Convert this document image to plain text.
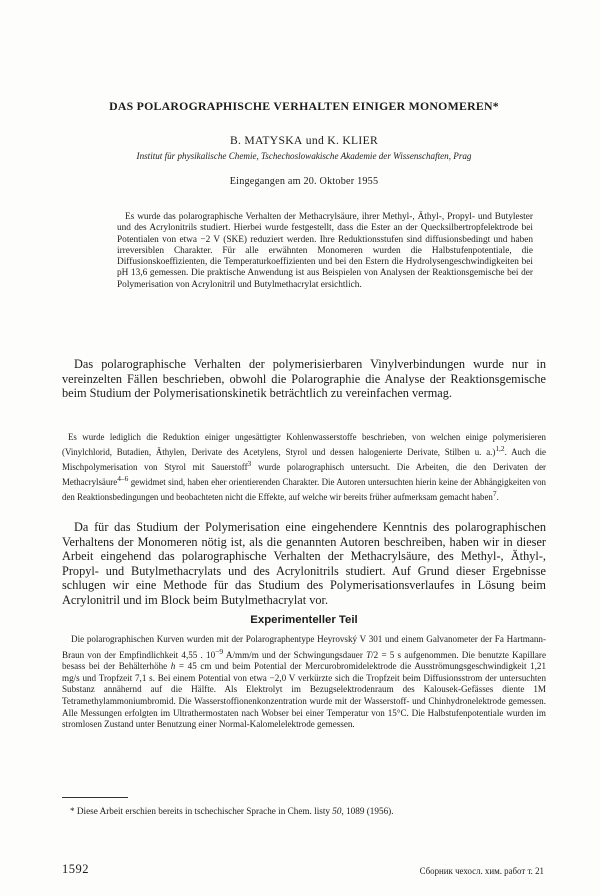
DAS POLAROGRAPHISCHE VERHALTEN EINIGER MONOMEREN*

B. MATYSKA und K. KLIER

Institut für physikalische Chemie, Tschechoslowakische Akademie der Wissenschaften, Prag

Eingegangen am 20. Oktober 1955

Es wurde das polarographische Verhalten der Methacrylsäure, ihrer Methyl-, Äthyl-, Propyl- und Butylester und des Acrylonitrils studiert. Hierbei wurde festgestellt, dass die Ester an der Quecksilbertropfelektrode bei Potentialen von etwa −2 V (SKE) reduziert werden. Ihre Reduktionsstufen sind diffusionsbedingt und haben irreversiblen Charakter. Für alle erwähnten Monomeren wurden die Halbstufenpotentiale, die Diffusionskoeffizienten, die Temperaturkoeffizienten und bei den Estern die Hydrolysengeschwindigkeiten bei pH 13,6 gemessen. Die praktische Anwendung ist aus Beispielen von Analysen der Reaktionsgemische bei der Polymerisation von Acrylonitril und Butylmethacrylat ersichtlich.

Das polarographische Verhalten der polymerisierbaren Vinylverbindungen wurde nur in vereinzelten Fällen beschrieben, obwohl die Polarographie die Analyse der Reaktionsgemische beim Studium der Polymerisationskinetik beträchtlich zu vereinfachen vermag.

Es wurde lediglich die Reduktion einiger ungesättigter Kohlenwasserstoffe beschrieben, von welchen einige polymerisieren (Vinylchlorid, Butadien, Äthylen, Derivate des Acetylens, Styrol und dessen halogenierte Derivate, Stilben u. a.)$^{1,2}$. Auch die Mischpolymerisation von Styrol mit Sauerstoff$^3$ wurde polarographisch untersucht. Die Arbeiten, die den Derivaten der Methacrylsäure$^{4-6}$ gewidmet sind, haben eher orientierenden Charakter. Die Autoren untersuchten hierin keine der Abhängigkeiten von den Reaktionsbedingungen und beobachteten nicht die Effekte, auf welche wir bereits früher aufmerksam gemacht haben$^7$.

Da für das Studium der Polymerisation eine eingehendere Kenntnis des polarographischen Verhaltens der Monomeren nötig ist, als die genannten Autoren beschreiben, haben wir in dieser Arbeit eingehend das polarographische Verhalten der Methacrylsäure, des Methyl-, Äthyl-, Propyl- und Butylmethacrylats und des Acrylonitrils studiert. Auf Grund dieser Ergebnisse schlugen wir eine Methode für das Studium des Polymerisationsverlaufes in Lösung beim Acrylonitril und im Block beim Butylmethacrylat vor.

Experimenteller Teil

Die polarographischen Kurven wurden mit der Polarographentype Heyrovský V 301 und einem Galvanometer der Fa Hartmann-Braun von der Empfindlichkeit 4,55 . $10^{-9}$ A/mm/m und der Schwingungsdauer T/2 = 5 s aufgenommen. Die benutzte Kapillare besass bei der Behälterhöhe h = 45 cm und beim Potential der Mercurobromidelektrode die Ausströmungsgeschwindigkeit 1,21 mg/s und Tropfzeit 7,1 s. Bei einem Potential von etwa −2,0 V verkürzte sich die Tropfzeit beim Diffusionsstrom der untersuchten Substanz annähernd auf die Hälfte. Als Elektrolyt im Bezugselektrodenraum des Kalousek-Gefässes diente 1M Tetramethylammoniumbromid. Die Wasserstoffionenkonzentration wurde mit der Wasserstoff- und Chinhydronelektrode gemessen. Alle Messungen erfolgten im Ultrathermostaten nach Wobser bei einer Temperatur von 15°C. Die Halbstufenpotentiale wurden im stromlosen Zustand unter Benutzung einer Normal-Kalomelelektrode gemessen.

* Diese Arbeit erschien bereits in tschechischer Sprache in Chem. listy 50, 1089 (1956).

1592	Сборник чехосл. хим. работ т. 21
